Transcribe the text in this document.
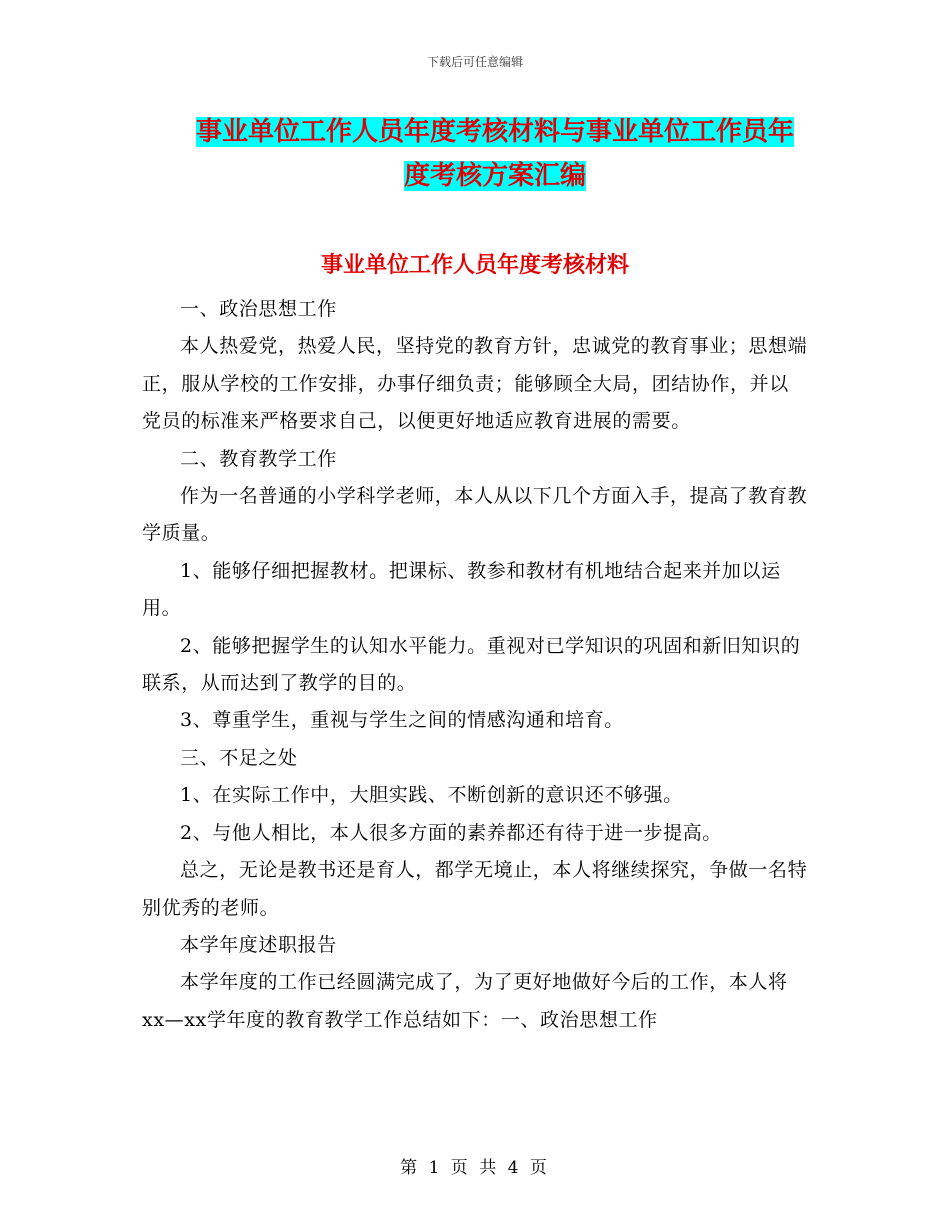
下载后可任意编辑
事业单位工作人员年度考核材料与事业单位工作员年
度考核方案汇编
事业单位工作人员年度考核材料

一、政治思想工作

本人热爱党，热爱人民，坚持党的教育方针，忠诚党的教育事业；思想端正，服从学校的工作安排，办事仔细负责；能够顾全大局，团结协作，并以党员的标准来严格要求自己，以便更好地适应教育进展的需要。

二、教育教学工作

作为一名普通的小学科学老师，本人从以下几个方面入手，提高了教育教学质量。

1、能够仔细把握教材。把课标、教参和教材有机地结合起来并加以运用。

2、能够把握学生的认知水平能力。重视对已学知识的巩固和新旧知识的联系，从而达到了教学的目的。

3、尊重学生，重视与学生之间的情感沟通和培育。

三、不足之处

1、在实际工作中，大胆实践、不断创新的意识还不够强。

2、与他人相比，本人很多方面的素养都还有待于进一步提高。

总之，无论是教书还是育人，都学无境止，本人将继续探究，争做一名特别优秀的老师。

本学年度述职报告

本学年度的工作已经圆满完成了，为了更好地做好今后的工作，本人将xx—xx学年度的教育教学工作总结如下：一、政治思想工作

第 1 页 共 4 页
